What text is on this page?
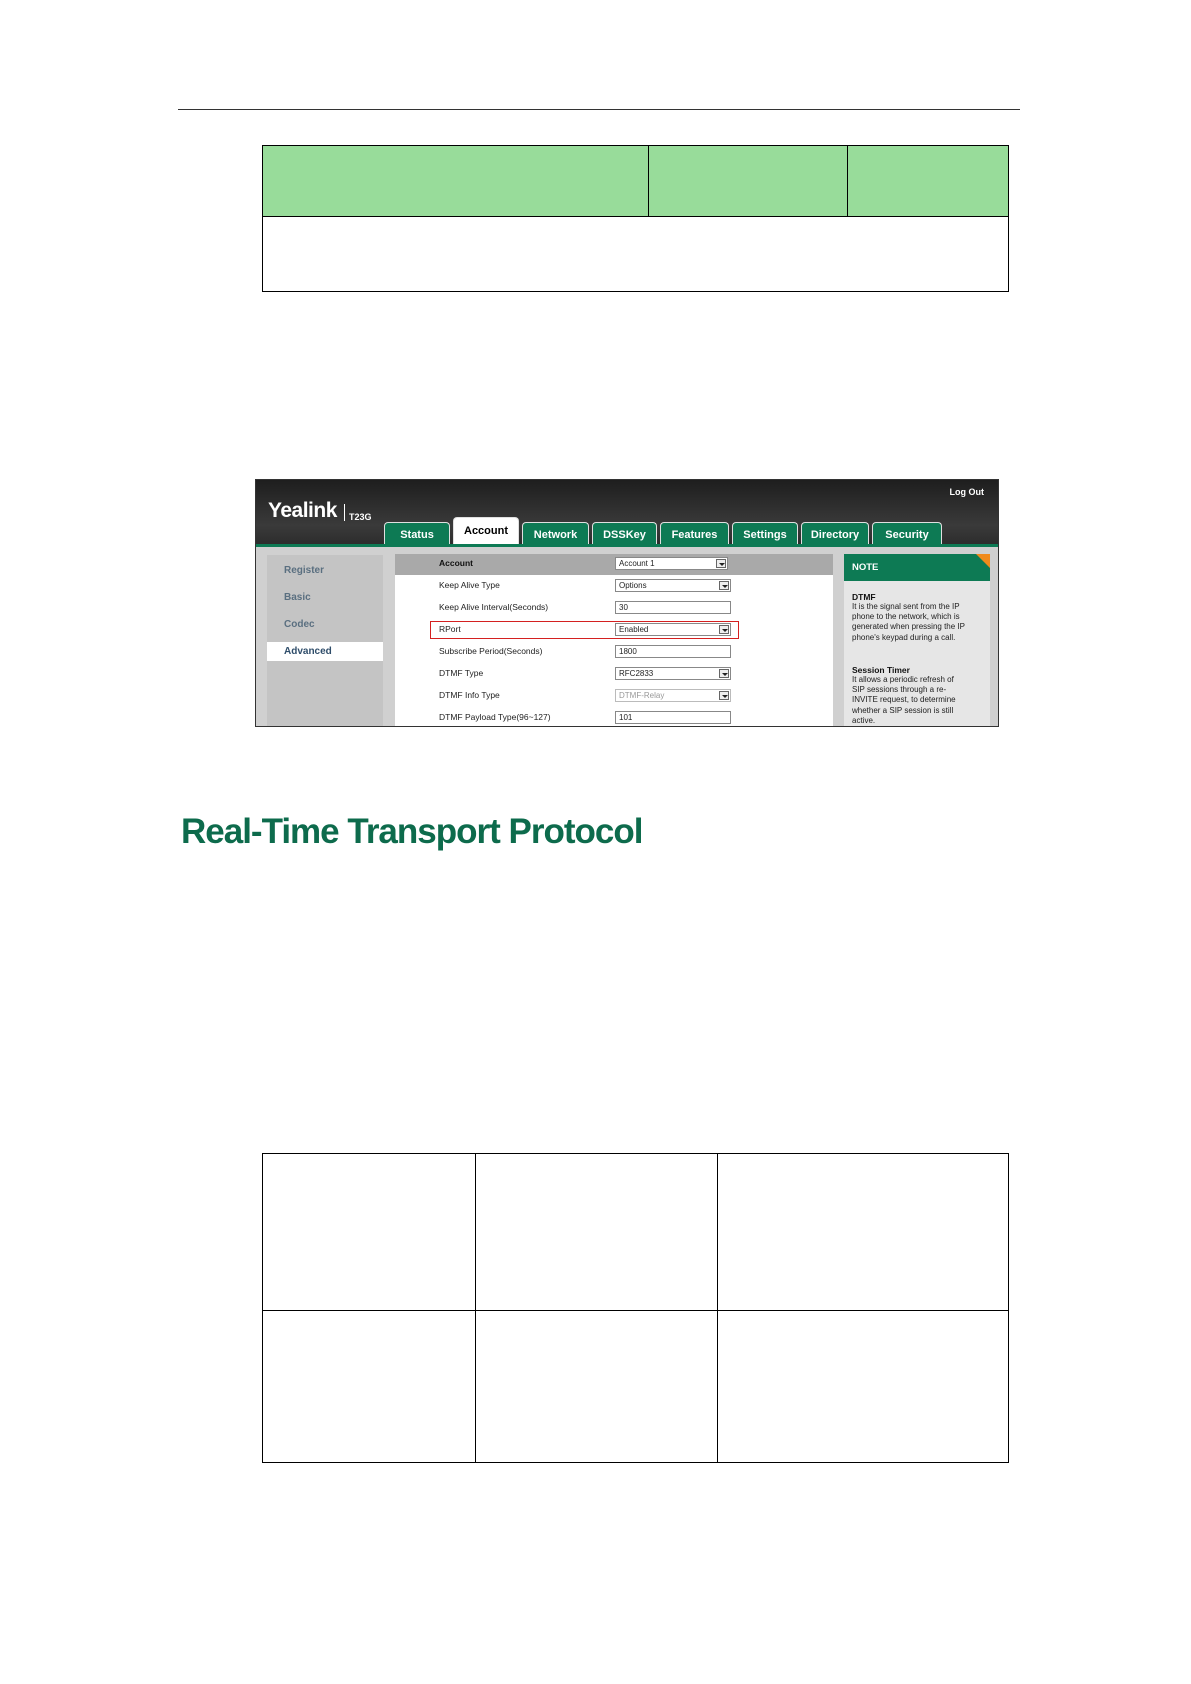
Yealink T23G
Log Out
Status	Account	Network	DSSKey	Features	Settings	Directory	Security
Register
Basic
Codec
Advanced
Account	Account 1
Keep Alive Type	Options
Keep Alive Interval(Seconds)	30
RPort	Enabled
Subscribe Period(Seconds)	1800
DTMF Type	RFC2833
DTMF Info Type	DTMF-Relay
DTMF Payload Type(96~127)	101
NOTE
DTMF
It is the signal sent from the IP
phone to the network, which is
generated when pressing the IP
phone's keypad during a call.
Session Timer
It allows a periodic refresh of
SIP sessions through a re-
INVITE request, to determine
whether a SIP session is still
active.
Real-Time Transport Protocol
